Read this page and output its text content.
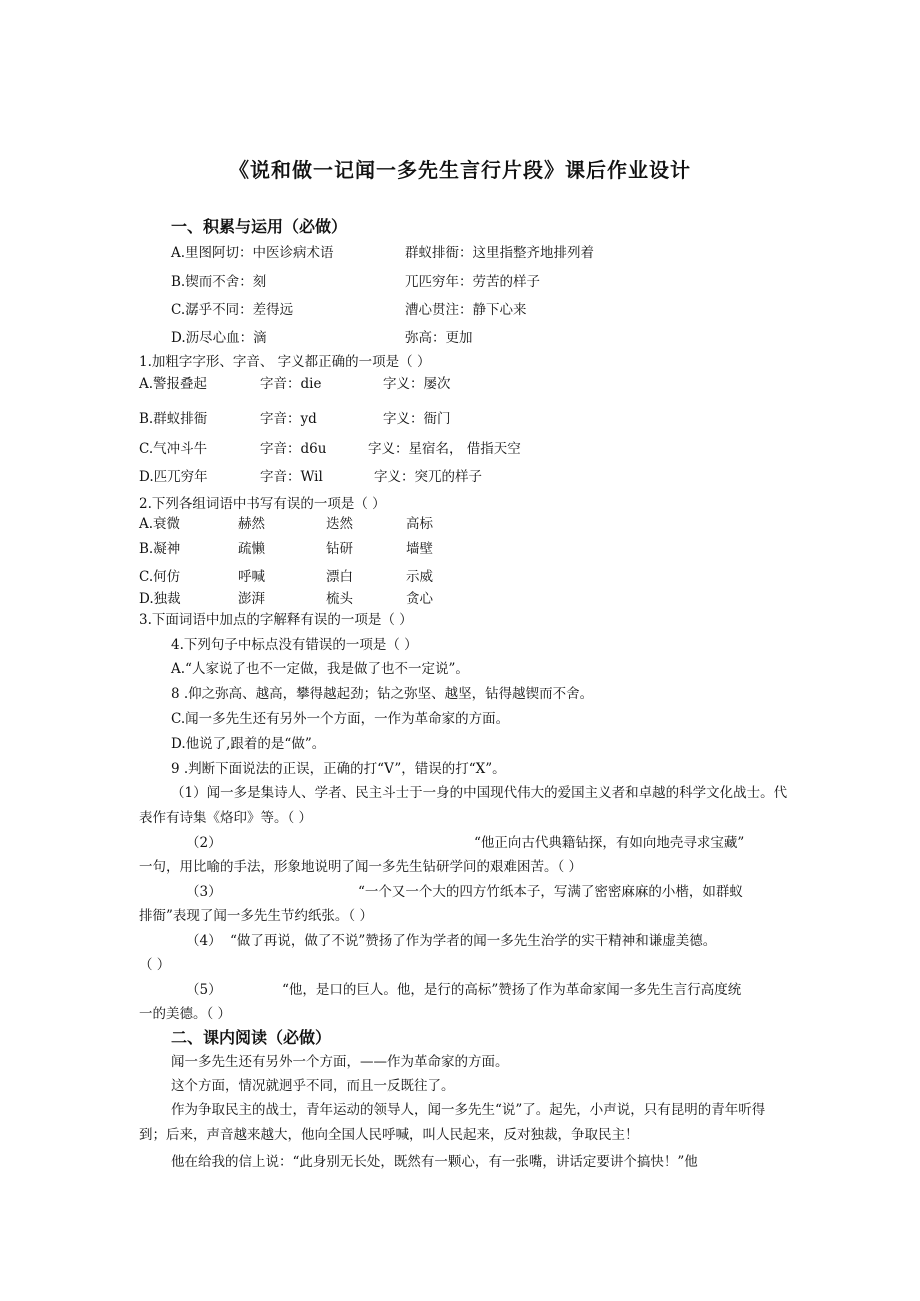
《说和做一记闻一多先生言行片段》课后作业设计
一、积累与运用（必做）
A.里图阿切：中医诊病术语	群蚁排衙：这里指整齐地排列着
B.锲而不舍：刻	兀匹穷年：劳苦的样子
C.潺乎不同：差得远	漕心贯注：静下心来
D.沥尽心血：滴	弥高：更加
1.加粗字字形、字音、 字义都正确的一项是（ ）
A.警报叠起	字音：die	字义：屡次
B.群蚁排衙	字音：yd	字义：衙门
C.气冲斗牛	字音：d6u	字义：星宿名， 借指天空
D.匹兀穷年	字音：Wil	字义：突兀的样子
2.下列各组词语中书写有误的一项是（ ）
A.衰微	赫然	迭然	高标
B.凝神	疏懒	钻研	墙壁
C.何仿	呼喊	漂白	示威
D.独裁	澎湃	梳头	贪心
3.下面词语中加点的字解释有误的一项是（ ）
4.下列句子中标点没有错误的一项是（ ）
A.“人家说了也不一定做，我是做了也不一定说”。
8 .仰之弥高、越高，攀得越起劲；钻之弥坚、越坚，钻得越锲而不舍。
C.闻一多先生还有另外一个方面，一作为革命家的方面。
D.他说了,跟着的是“做”。
9 .判断下面说法的正误，正确的打“V”，错误的打“X”。
（1）闻一多是集诗人、学者、民主斗士于一身的中国现代伟大的爱国主义者和卓越的科学文化战士。代表作有诗集《烙印》等。（ ）
（2）	“他正向古代典籍钻探，有如向地壳寻求宝藏”
一句，用比喻的手法，形象地说明了闻一多先生钻研学问的艰难困苦。（ ）
（3）	“一个又一个大的四方竹纸本子，写满了密密麻麻的小楷，如群蚁
排衙”表现了闻一多先生节约纸张。（ ）
（4） “做了再说，做了不说”赞扬了作为学者的闻一多先生治学的实干精神和谦虚美德。
（ ）
（5）	“他，是口的巨人。他，是行的高标”赞扬了作为革命家闻一多先生言行高度统
一的美德。（ ）
二、课内阅读（必做）
闻一多先生还有另外一个方面，——作为革命家的方面。
这个方面，情况就迥乎不同，而且一反既往了。
作为争取民主的战士，青年运动的领导人，闻一多先生“说”了。起先，小声说，只有昆明的青年听得到；后来，声音越来越大，他向全国人民呼喊，叫人民起来，反对独裁，争取民主！
他在给我的信上说：“此身别无长处，既然有一颗心，有一张嘴，讲话定要讲个搞快！”他
